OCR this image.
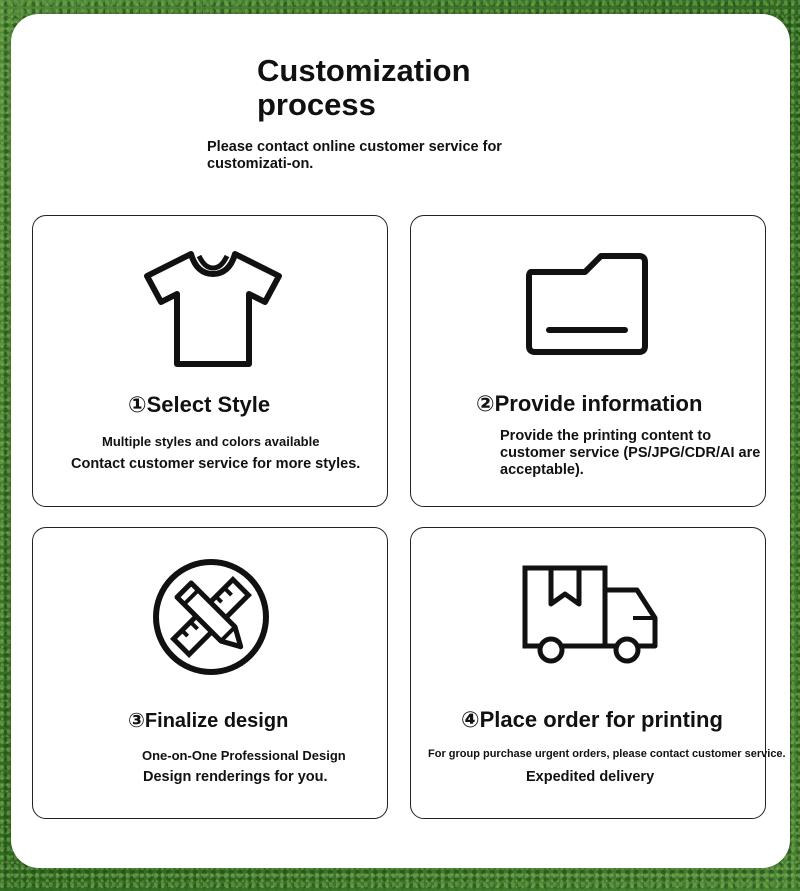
Customization process
Please contact online customer service for customizati-on.
①Select Style
Multiple styles and colors available
Contact customer service for more styles.
②Provide information
Provide the printing content to
customer service (PS/JPG/CDR/AI are
acceptable).
③Finalize design
One-on-One Professional Design
Design renderings for you.
④Place order for printing
For group purchase urgent orders, please contact customer service.
Expedited delivery
